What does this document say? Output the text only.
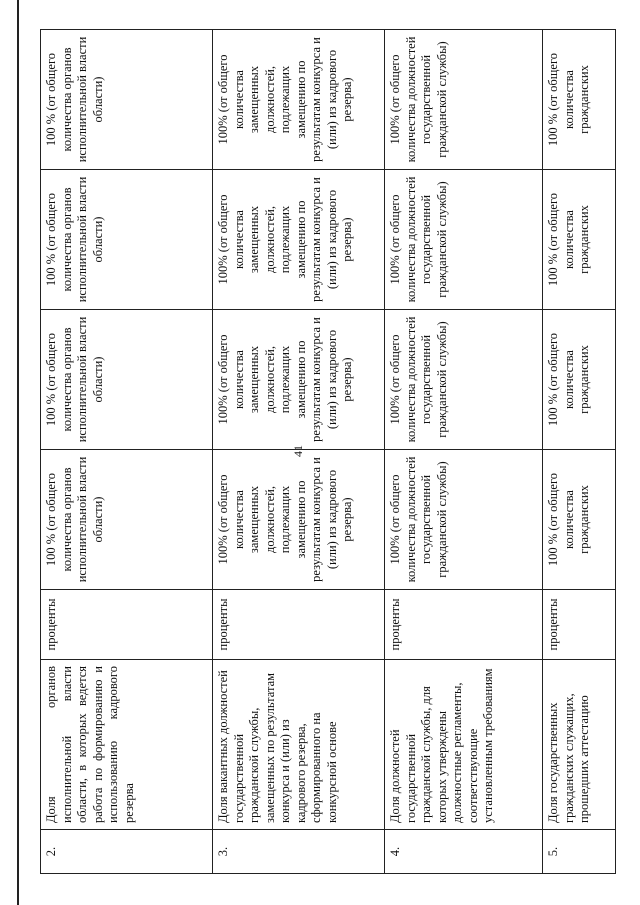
41
2.	Доля органов исполнительной власти области, в которых ведется работа по формированию и использованию кадрового резерва	проценты	100 % (от общего количества органов исполнительной власти области)	100 % (от общего количества органов исполнительной власти области)	100 % (от общего количества органов исполнительной власти области)	100 % (от общего количества органов исполнительной власти области)
3.	Доля вакантных должностей государственной гражданской службы, замещенных по результатам конкурса и (или) из кадрового резерва, сформированного на конкурсной основе	проценты	100% (от общего количества замещенных должностей, подлежащих замещению по результатам конкурса и (или) из кадрового резерва)	100% (от общего количества замещенных должностей, подлежащих замещению по результатам конкурса и (или) из кадрового резерва)	100% (от общего количества замещенных должностей, подлежащих замещению по результатам конкурса и (или) из кадрового резерва)	100% (от общего количества замещенных должностей, подлежащих замещению по результатам конкурса и (или) из кадрового резерва)
4.	Доля должностей государственной гражданской службы, для которых утверждены должностные регламенты, соответствующие установленным требованиям	проценты	100% (от общего количества должностей государственной гражданской службы)	100% (от общего количества должностей государственной гражданской службы)	100% (от общего количества должностей государственной гражданской службы)	100% (от общего количества должностей государственной гражданской службы)
5.	Доля государственных гражданских служащих, прошедших аттестацию	проценты	100 % (от общего количества гражданских	100 % (от общего количества гражданских	100 % (от общего количества гражданских	100 % (от общего количества гражданских
